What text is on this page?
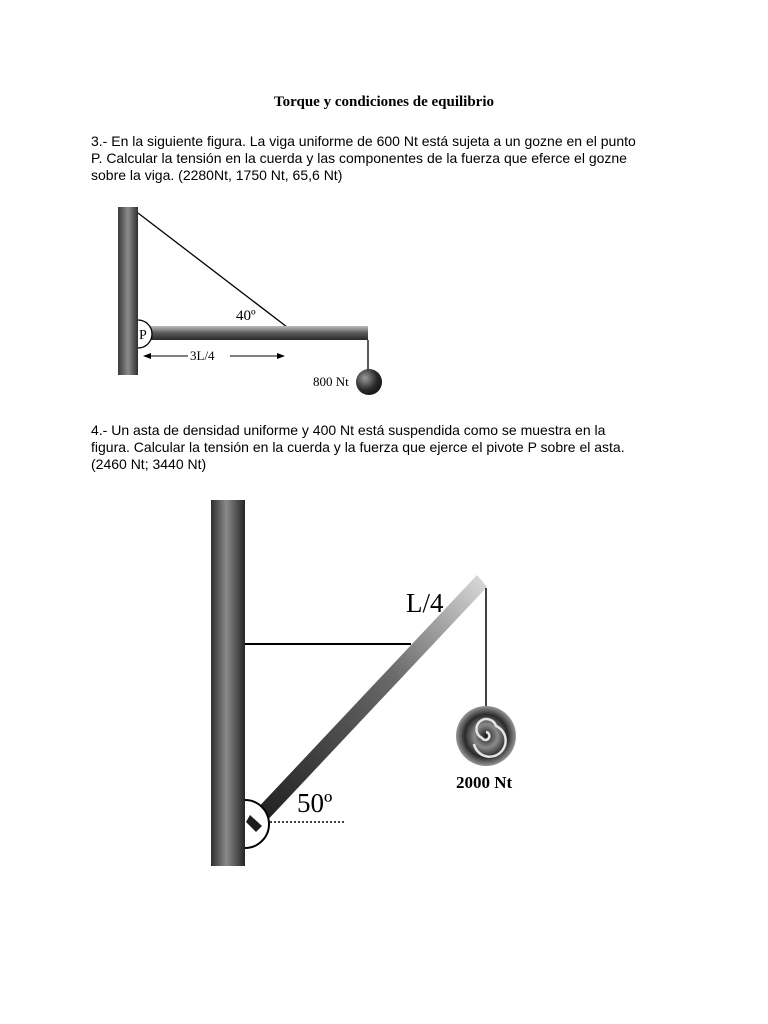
Torque y condiciones de equilibrio
3.- En la siguiente figura. La viga uniforme de 600 Nt está sujeta a un gozne en el punto
P. Calcular la tensión en la cuerda y las componentes de la fuerza que eferce el gozne
sobre la viga. (2280Nt, 1750 Nt, 65,6 Nt)
P
40º
3L/4
800 Nt
4.- Un asta de densidad uniforme y 400 Nt está suspendida como se muestra en la
figura. Calcular la tensión en la cuerda y la fuerza que ejerce el pivote P sobre el asta.
(2460 Nt; 3440 Nt)
L/4
50º
2000 Nt
